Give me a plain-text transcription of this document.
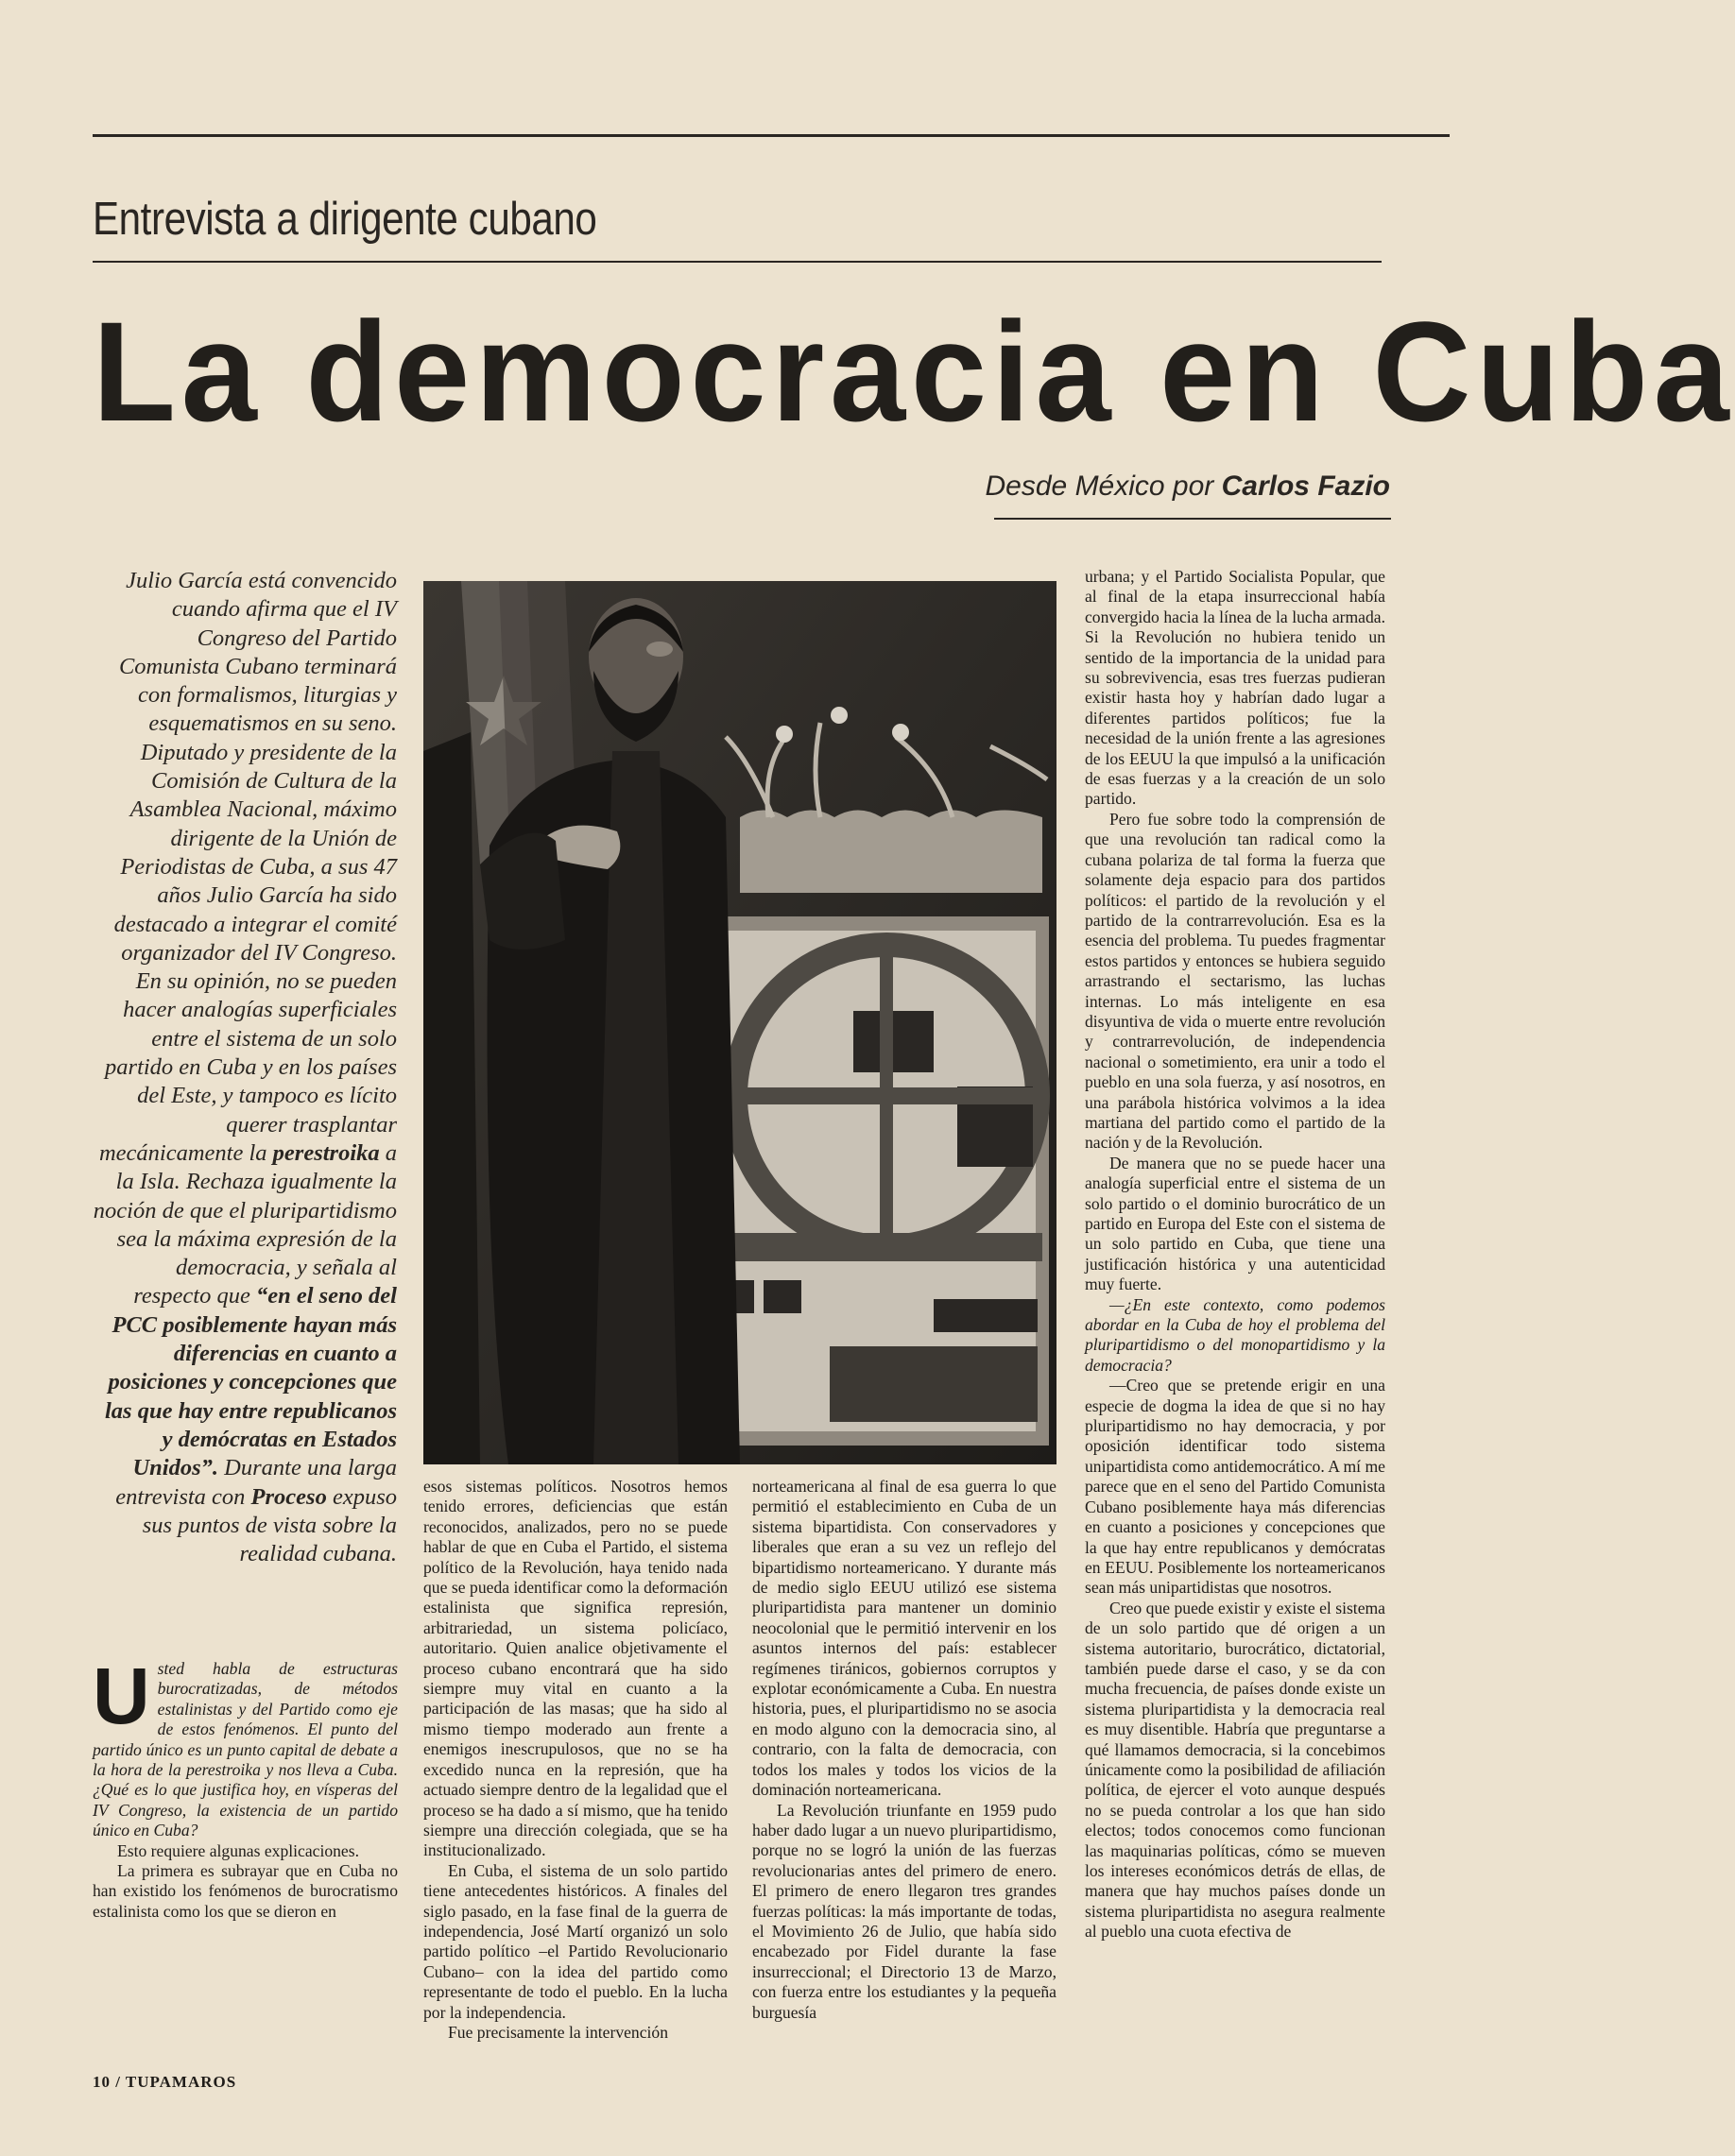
Entrevista a dirigente cubano
La democracia en Cuba
Desde México por Carlos Fazio
Julio García está convencido cuando afirma que el IV Congreso del Partido Comunista Cubano terminará con formalismos, liturgias y esquematismos en su seno. Diputado y presidente de la Comisión de Cultura de la Asamblea Nacional, máximo dirigente de la Unión de Periodistas de Cuba, a sus 47 años Julio García ha sido destacado a integrar el comité organizador del IV Congreso. En su opinión, no se pueden hacer analogías superficiales entre el sistema de un solo partido en Cuba y en los países del Este, y tampoco es lícito querer trasplantar mecánicamente la perestroika a la Isla. Rechaza igualmente la noción de que el pluripartidismo sea la máxima expresión de la democracia, y señala al respecto que “en el seno del PCC posiblemente hayan más diferencias en cuanto a posiciones y concepciones que las que hay entre republicanos y demócratas en Estados Unidos”. Durante una larga entrevista con Proceso expuso sus puntos de vista sobre la realidad cubana.
U sted habla de estructuras burocratizadas, de métodos estalinistas y del Partido como eje de estos fenómenos. El punto del partido único es un punto capital de debate a la hora de la perestroika y nos lleva a Cuba. ¿Qué es lo que justifica hoy, en vísperas del IV Congreso, la existencia de un partido único en Cuba?

Esto requiere algunas explicaciones.

La primera es subrayar que en Cuba no han existido los fenómenos de burocratismo estalinista como los que se dieron en

esos sistemas políticos. Nosotros hemos tenido errores, deficiencias que están reconocidos, analizados, pero no se puede hablar de que en Cuba el Partido, el sistema político de la Revolución, haya tenido nada que se pueda identificar como la deformación estalinista que significa represión, arbitrariedad, un sistema policíaco, autoritario. Quien analice objetivamente el proceso cubano encontrará que ha sido siempre muy vital en cuanto a la participación de las masas; que ha sido al mismo tiempo moderado aun frente a enemigos inescrupulosos, que no se ha excedido nunca en la represión, que ha actuado siempre dentro de la legalidad que el proceso se ha dado a sí mismo, que ha tenido siempre una dirección colegiada, que se ha institucionalizado.

En Cuba, el sistema de un solo partido tiene antecedentes históricos. A finales del siglo pasado, en la fase final de la guerra de independencia, José Martí organizó un solo partido político –el Partido Revolucionario Cubano– con la idea del partido como representante de todo el pueblo. En la lucha por la independencia.

Fue precisamente la intervención

norteamericana al final de esa guerra lo que permitió el establecimiento en Cuba de un sistema bipartidista. Con conservadores y liberales que eran a su vez un reflejo del bipartidismo norteamericano. Y durante más de medio siglo EEUU utilizó ese sistema pluripartidista para mantener un dominio neocolonial que le permitió intervenir en los asuntos internos del país: establecer regímenes tiránicos, gobiernos corruptos y explotar económicamente a Cuba. En nuestra historia, pues, el pluripartidismo no se asocia en modo alguno con la democracia sino, al contrario, con la falta de democracia, con todos los males y todos los vicios de la dominación norteamericana.

La Revolución triunfante en 1959 pudo haber dado lugar a un nuevo pluripartidismo, porque no se logró la unión de las fuerzas revolucionarias antes del primero de enero. El primero de enero llegaron tres grandes fuerzas políticas: la más importante de todas, el Movimiento 26 de Julio, que había sido encabezado por Fidel durante la fase insurreccional; el Directorio 13 de Marzo, con fuerza entre los estudiantes y la pequeña burguesía

urbana; y el Partido Socialista Popular, que al final de la etapa insurreccional había convergido hacia la línea de la lucha armada. Si la Revolución no hubiera tenido un sentido de la importancia de la unidad para su sobrevivencia, esas tres fuerzas pudieran existir hasta hoy y habrían dado lugar a diferentes partidos políticos; fue la necesidad de la unión frente a las agresiones de los EEUU la que impulsó a la unificación de esas fuerzas y a la creación de un solo partido.

Pero fue sobre todo la comprensión de que una revolución tan radical como la cubana polariza de tal forma la fuerza que solamente deja espacio para dos partidos políticos: el partido de la revolución y el partido de la contrarrevolución. Esa es la esencia del problema. Tu puedes fragmentar estos partidos y entonces se hubiera seguido arrastrando el sectarismo, las luchas internas. Lo más inteligente en esa disyuntiva de vida o muerte entre revolución y contrarrevolución, de independencia nacional o sometimiento, era unir a todo el pueblo en una sola fuerza, y así nosotros, en una parábola histórica volvimos a la idea martiana del partido como el partido de la nación y de la Revolución.

De manera que no se puede hacer una analogía superficial entre el sistema de un solo partido o el dominio burocrático de un partido en Europa del Este con el sistema de un solo partido en Cuba, que tiene una justificación histórica y una autenticidad muy fuerte.

—¿En este contexto, como podemos abordar en la Cuba de hoy el problema del pluripartidismo o del monopartidismo y la democracia?

—Creo que se pretende erigir en una especie de dogma la idea de que si no hay pluripartidismo no hay democracia, y por oposición identificar todo sistema unipartidista como antidemocrático. A mí me parece que en el seno del Partido Comunista Cubano posiblemente haya más diferencias en cuanto a posiciones y concepciones que la que hay entre republicanos y demócratas en EEUU. Posiblemente los norteamericanos sean más unipartidistas que nosotros.

Creo que puede existir y existe el sistema de un solo partido que dé origen a un sistema autoritario, burocrático, dictatorial, también puede darse el caso, y se da con mucha frecuencia, de países donde existe un sistema pluripartidista y la democracia real es muy disentible. Habría que preguntarse a qué llamamos democracia, si la concebimos únicamente como la posibilidad de afiliación política, de ejercer el voto aunque después no se pueda controlar a los que han sido electos; todos conocemos como funcionan las maquinarias políticas, cómo se mueven los intereses económicos detrás de ellas, de manera que hay muchos países donde un sistema pluripartidista no asegura realmente al pueblo una cuota efectiva de

10 / TUPAMAROS
